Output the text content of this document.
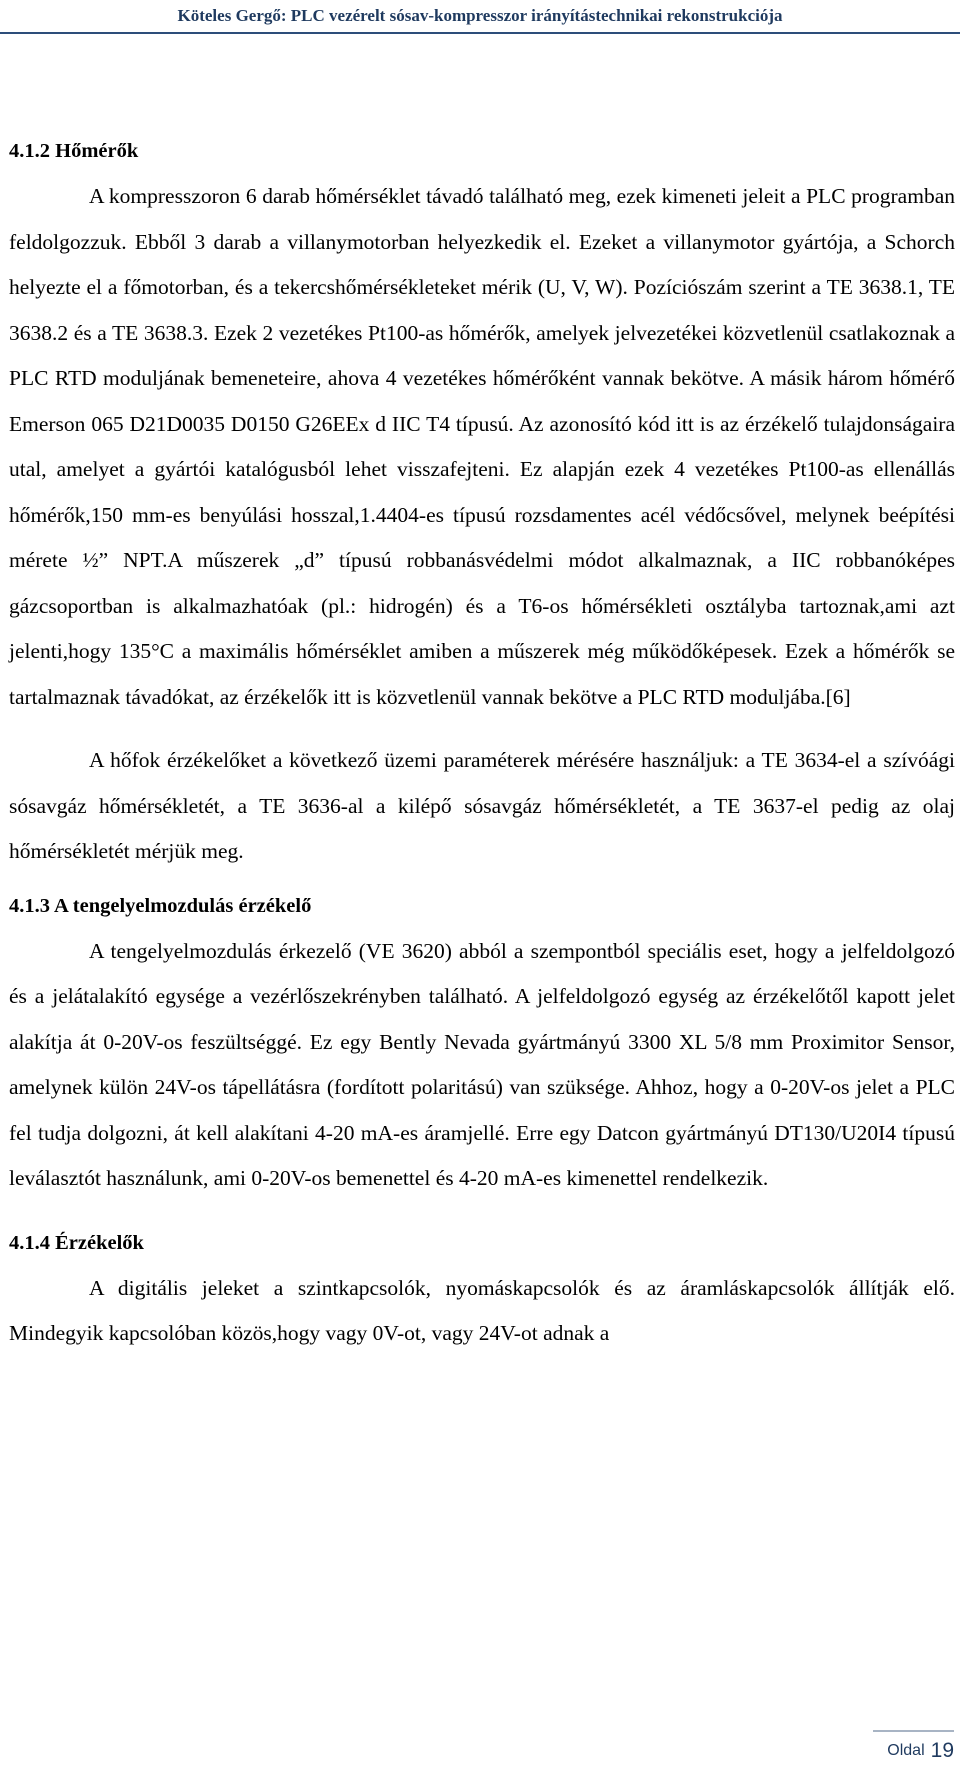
Köteles Gergő: PLC vezérelt sósav-kompresszor irányítástechnikai rekonstrukciója
4.1.2 Hőmérők

A kompresszoron 6 darab hőmérséklet távadó található meg, ezek kimeneti jeleit a PLC programban feldolgozzuk. Ebből 3 darab a villanymotorban helyezkedik el. Ezeket a villanymotor gyártója, a Schorch helyezte el a főmotorban, és a tekercshőmérsékleteket mérik (U, V, W). Pozíciószám szerint a TE 3638.1, TE 3638.2 és a TE 3638.3. Ezek 2 vezetékes Pt100-as hőmérők, amelyek jelvezetékei közvetlenül csatlakoznak a PLC RTD moduljának bemeneteire, ahova 4 vezetékes hőmérőként vannak bekötve. A másik három hőmérő Emerson 065 D21D0035 D0150 G26EEx d IIC T4 típusú. Az azonosító kód itt is az érzékelő tulajdonságaira utal, amelyet a gyártói katalógusból lehet visszafejteni. Ez alapján ezek 4 vezetékes Pt100-as ellenállás hőmérők,150 mm-es benyúlási hosszal,1.4404-es típusú rozsdamentes acél védőcsővel, melynek beépítési mérete ½” NPT.A műszerek „d” típusú robbanásvédelmi módot alkalmaznak, a IIC robbanóképes gázcsoportban is alkalmazhatóak (pl.: hidrogén) és a T6-os hőmérsékleti osztályba tartoznak,ami azt jelenti,hogy 135°C a maximális hőmérséklet amiben a műszerek még működőképesek. Ezek a hőmérők se tartalmaznak távadókat, az érzékelők itt is közvetlenül vannak bekötve a PLC RTD moduljába.[6]

A hőfok érzékelőket a következő üzemi paraméterek mérésére használjuk: a TE 3634-el a szívóági sósavgáz hőmérsékletét, a TE 3636-al a kilépő sósavgáz hőmérsékletét, a TE 3637-el pedig az olaj hőmérsékletét mérjük meg.

4.1.3 A tengelyelmozdulás érzékelő

A tengelyelmozdulás érkezelő (VE 3620) abból a szempontból speciális eset, hogy a jelfeldolgozó és a jelátalakító egysége a vezérlőszekrényben található. A jelfeldolgozó egység az érzékelőtől kapott jelet alakítja át 0-20V-os feszültséggé. Ez egy Bently Nevada gyártmányú 3300 XL 5/8 mm Proximitor Sensor, amelynek külön 24V-os tápellátásra (fordított polaritású) van szüksége. Ahhoz, hogy a 0-20V-os jelet a PLC fel tudja dolgozni, át kell alakítani 4-20 mA-es áramjellé. Erre egy Datcon gyártmányú DT130/U20I4 típusú leválasztót használunk, ami 0-20V-os bemenettel és 4-20 mA-es kimenettel rendelkezik.

4.1.4 Érzékelők

A digitális jeleket a szintkapcsolók, nyomáskapcsolók és az áramláskapcsolók állítják elő. Mindegyik kapcsolóban közös,hogy vagy 0V-ot, vagy 24V-ot adnak a

Oldal 19
